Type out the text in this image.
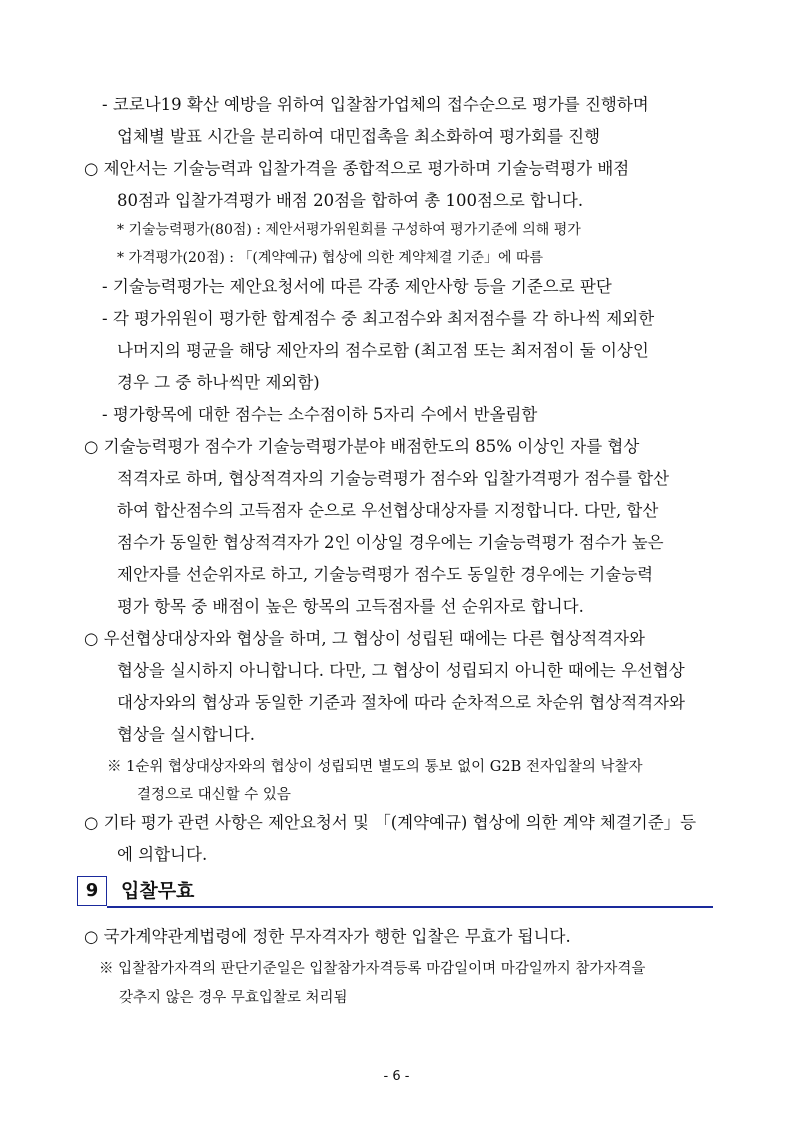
- 코로나19 확산 예방을 위하여 입찰참가업체의 접수순으로 평가를 진행하며
업체별 발표 시간을 분리하여 대민접촉을 최소화하여 평가회를 진행
○ 제안서는 기술능력과 입찰가격을 종합적으로 평가하며 기술능력평가 배점
80점과 입찰가격평가 배점 20점을 합하여 총 100점으로 합니다.
* 기술능력평가(80점) : 제안서평가위원회를 구성하여 평가기준에 의해 평가
* 가격평가(20점) : 「(계약예규) 협상에 의한 계약체결 기준」에 따름
- 기술능력평가는 제안요청서에 따른 각종 제안사항 등을 기준으로 판단
- 각 평가위원이 평가한 합계점수 중 최고점수와 최저점수를 각 하나씩 제외한
나머지의 평균을 해당 제안자의 점수로함 (최고점 또는 최저점이 둘 이상인
경우 그 중 하나씩만 제외함)
- 평가항목에 대한 점수는 소수점이하 5자리 수에서 반올림함
○ 기술능력평가 점수가 기술능력평가분야 배점한도의 85% 이상인 자를 협상
적격자로 하며, 협상적격자의 기술능력평가 점수와 입찰가격평가 점수를 합산
하여 합산점수의 고득점자 순으로 우선협상대상자를 지정합니다. 다만, 합산
점수가 동일한 협상적격자가 2인 이상일 경우에는 기술능력평가 점수가 높은
제안자를 선순위자로 하고, 기술능력평가 점수도 동일한 경우에는 기술능력
평가 항목 중 배점이 높은 항목의 고득점자를 선 순위자로 합니다.
○ 우선협상대상자와 협상을 하며, 그 협상이 성립된 때에는 다른 협상적격자와
협상을 실시하지 아니합니다. 다만, 그 협상이 성립되지 아니한 때에는 우선협상
대상자와의 협상과 동일한 기준과 절차에 따라 순차적으로 차순위 협상적격자와
협상을 실시합니다.
※ 1순위 협상대상자와의 협상이 성립되면 별도의 통보 없이 G2B 전자입찰의 낙찰자
결정으로 대신할 수 있음
○ 기타 평가 관련 사항은 제안요청서 및 「(계약예규) 협상에 의한 계약 체결기준」등
에 의합니다.
9	입찰무효
○ 국가계약관계법령에 정한 무자격자가 행한 입찰은 무효가 됩니다.
※ 입찰참가자격의 판단기준일은 입찰참가자격등록 마감일이며 마감일까지 참가자격을
갖추지 않은 경우 무효입찰로 처리됨
- 6 -
